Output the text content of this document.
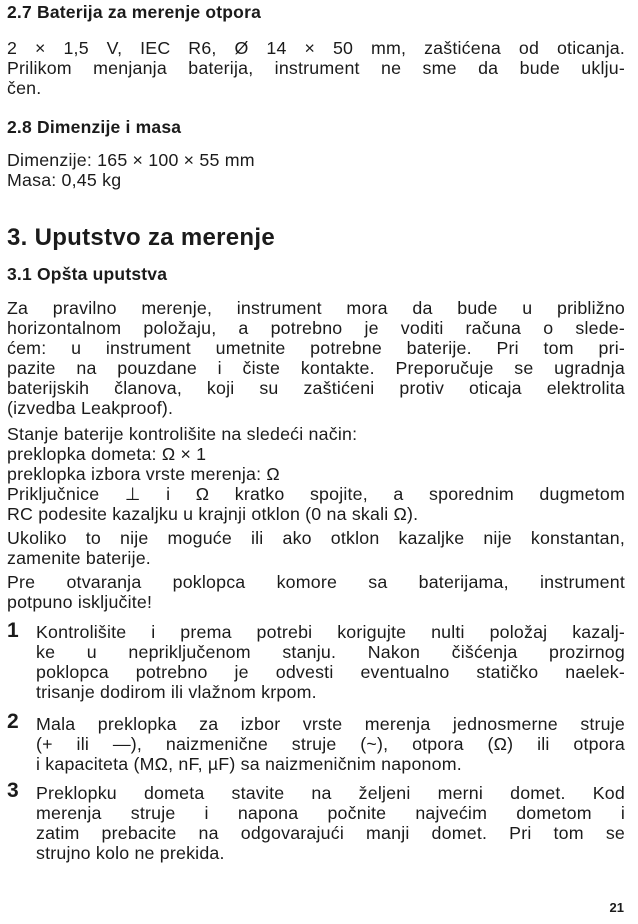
2.7 Baterija za merenje otpora

2 × 1,5 V, IEC R6, Ø 14 × 50 mm, zaštićena od oticanja.

Prilikom menjanja baterija, instrument ne sme da bude uklju-

čen.

2.8 Dimenzije i masa

Dimenzije: 165 × 100 × 55 mm

Masa: 0,45 kg

3. Uputstvo za merenje

3.1 Opšta uputstva

Za pravilno merenje, instrument mora da bude u približno

horizontalnom položaju, a potrebno je voditi računa o slede-

ćem: u instrument umetnite potrebne baterije. Pri tom pri-

pazite na pouzdane i čiste kontakte. Preporučuje se ugradnja

baterijskih članova, koji su zaštićeni protiv oticaja elektrolita

(izvedba Leakproof).

Stanje baterije kontrolišite na sledeći način:

preklopka dometa: Ω × 1

preklopka izbora vrste merenja: Ω

Priključnice ⊥ i Ω kratko spojite, a sporednim dugmetom

RC podesite kazaljku u krajnji otklon (0 na skali Ω).

Ukoliko to nije moguće ili ako otklon kazaljke nije konstantan,

zamenite baterije.

Pre otvaranja poklopca komore sa baterijama, instrument

potpuno isključite!

1 Kontrolišite i prema potrebi korigujte nulti položaj kazalj-

ke u nepriključenom stanju. Nakon čišćenja prozirnog

poklopca potrebno je odvesti eventualno statičko naelek-

trisanje dodirom ili vlažnom krpom.

2 Mala preklopka za izbor vrste merenja jednosmerne struje

(+ ili —), naizmenične struje (~), otpora (Ω) ili otpora

i kapaciteta (MΩ, nF, µF) sa naizmeničnim naponom.

3 Preklopku dometa stavite na željeni merni domet. Kod

merenja struje i napona počnite najvećim dometom i

zatim prebacite na odgovarajući manji domet. Pri tom se

strujno kolo ne prekida.

21
